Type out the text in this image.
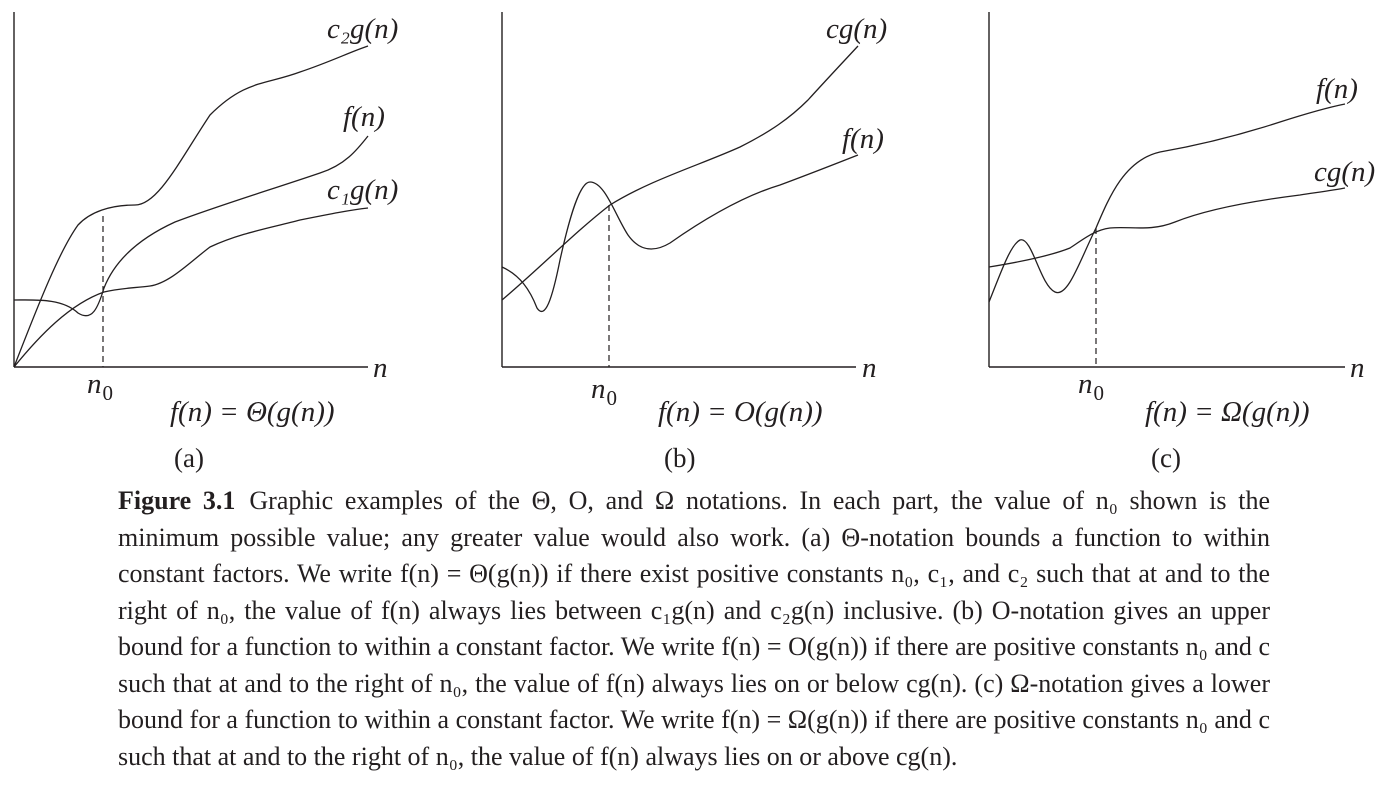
n
n0
c₂g(n)
f(n)
c₁g(n)
f(n) = Θ(g(n))
(a)
n
n0
cg(n)
f(n)
f(n) = O(g(n))
(b)
n
n0
f(n)
cg(n)
f(n) = Ω(g(n))
(c)

Figure 3.1 Graphic examples of the Θ, O, and Ω notations. In each part, the value of n₀ shown is the minimum possible value; any greater value would also work. (a) Θ-notation bounds a function to within constant factors. We write f(n) = Θ(g(n)) if there exist positive constants n₀, c₁, and c₂ such that at and to the right of n₀, the value of f(n) always lies between c₁g(n) and c₂g(n) inclusive. (b) O-notation gives an upper bound for a function to within a constant factor. We write f(n) = O(g(n)) if there are positive constants n₀ and c such that at and to the right of n₀, the value of f(n) always lies on or below cg(n). (c) Ω-notation gives a lower bound for a function to within a constant factor. We write f(n) = Ω(g(n)) if there are positive constants n₀ and c such that at and to the right of n₀, the value of f(n) always lies on or above cg(n).
